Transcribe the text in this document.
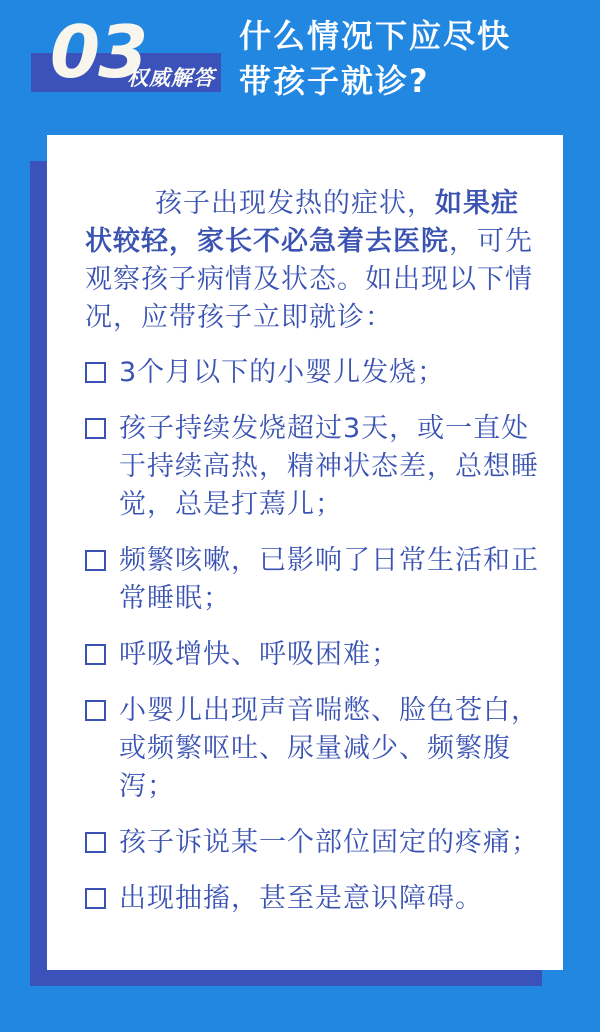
03
权威解答
什么情况下应尽快
带孩子就诊?

孩子出现发热的症状，如果症状较轻，家长不必急着去医院，可先观察孩子病情及状态。如出现以下情况，应带孩子立即就诊：

3个月以下的小婴儿发烧；
孩子持续发烧超过3天，或一直处于持续高热，精神状态差，总想睡觉，总是打蔫儿；
频繁咳嗽，已影响了日常生活和正常睡眠；
呼吸增快、呼吸困难；
小婴儿出现声音喘憋、脸色苍白，或频繁呕吐、尿量减少、频繁腹泻；
孩子诉说某一个部位固定的疼痛；
出现抽搐，甚至是意识障碍。
